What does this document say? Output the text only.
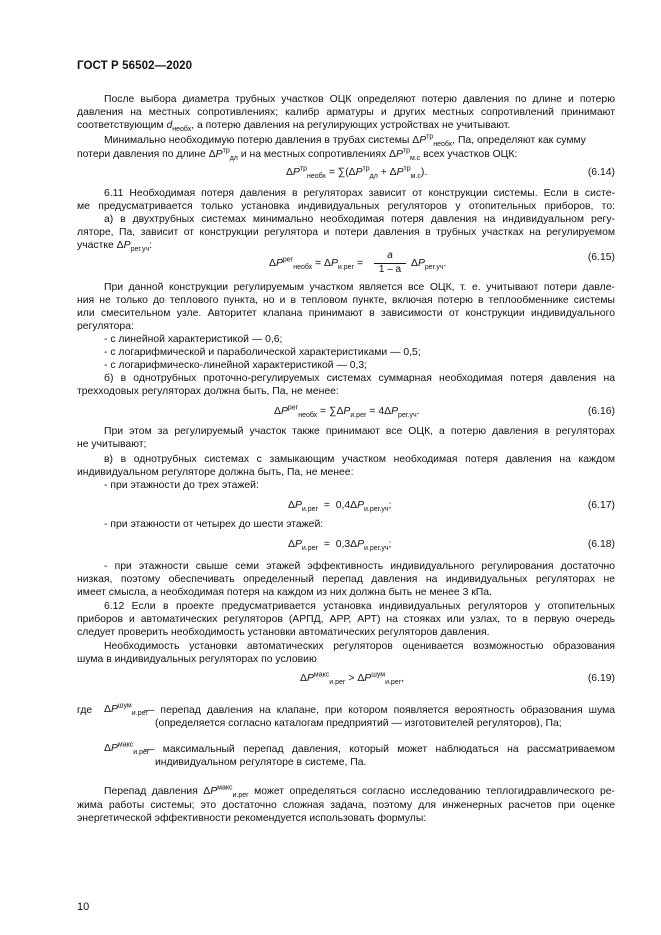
ГОСТ Р 56502—2020
После выбора диаметра трубных участков ОЦК определяют потерю давления по длине и потерю
давления на местных сопротивлениях; калибр арматуры и других местных сопротивлений принимают
соответствующим $d_{необх}$, а потерю давления на регулирующих устройствах не учитывают.
Минимально необходимую потерю давления в трубах системы $\Delta P^{тр}_{необх}$, Па, определяют как сумму
потери давления по длине $\Delta P^{тр}_{дл}$ и на местных сопротивлениях $\Delta P^{тр}_{м.с}$ всех участков ОЦК:
$\Delta P^{тр}_{необх} = \sum(\Delta P^{тр}_{дл} + \Delta P^{тр}_{м.с})$.	(6.14)
6.11 Необходимая потеря давления в регуляторах зависит от конструкции системы. Если в систе-
ме предусматривается только установка индивидуальных регуляторов у отопительных приборов, то:
а) в двухтрубных системах минимально необходимая потеря давления на индивидуальном регу-
ляторе, Па, зависит от конструкции регулятора и потери давления в трубных участках на регулируемом
участке $\Delta P_{рег.уч}$:
$\Delta P^{рег}_{необх} = \Delta P_{и.рег}$ =
a
1 – a
$\Delta P_{рег.уч}$.
(6.15)
При данной конструкции регулируемым участком является все ОЦК, т. е. учитывают потери давле-
ния не только до теплового пункта, но и в тепловом пункте, включая потерю в теплообменнике системы
или смесительном узле. Авторитет клапана принимают в зависимости от конструкции индивидуального
регулятора:
- с линейной характеристикой — 0,6;
- с логарифмической и параболической характеристиками — 0,5;
- с логарифмическо-линейной характеристикой — 0,3;
б) в однотрубных проточно-регулируемых системах суммарная необходимая потеря давления на
трехходовых регуляторах должна быть, Па, не менее:
$\Delta P^{рег}_{необх} = \sum\Delta P_{и.рег} = 4\Delta P_{рег.уч}$.	(6.16)
При этом за регулируемый участок также принимают все ОЦК, а потерю давления в регуляторах
не учитывают;
в) в однотрубных системах с замыкающим участком необходимая потеря давления на каждом
индивидуальном регуляторе должна быть, Па, не менее:
- при этажности до трех этажей:
$\Delta P_{и.рег} = 0,4\Delta P_{и.рег.уч}$;	(6.17)
- при этажности от четырех до шести этажей:
$\Delta P_{и.рег} = 0,3\Delta P_{и.рег.уч}$;	(6.18)
- при этажности свыше семи этажей эффективность индивидуального регулирования достаточно
низкая, поэтому обеспечивать определенный перепад давления на индивидуальных регуляторах не
имеет смысла, а необходимая потеря на каждом из них должна быть не менее 3 кПа.
6.12 Если в проекте предусматривается установка индивидуальных регуляторов у отопительных
приборов и автоматических регуляторов (АРПД, АРР, АРТ) на стояках или узлах, то в первую очередь
следует проверить необходимость установки автоматических регуляторов давления.
Необходимость установки автоматических регуляторов оценивается возможностью образования
шума в индивидуальных регуляторах по условию
$\Delta P^{макс}_{и.рег} > \Delta P^{шум}_{и.рег}$,	(6.19)
где $\Delta P^{шум}_{и.рег}$
— перепад давления на клапане, при котором появляется вероятность образования шума
(определяется согласно каталогам предприятий — изготовителей регуляторов), Па;
$\Delta P^{макс}_{и.рег}$
— максимальный перепад давления, который может наблюдаться на рассматриваемом
индивидуальном регуляторе в системе, Па.
Перепад давления $\Delta P^{макс}_{и.рег}$ может определяться согласно исследованию теплогидравлического ре-
жима работы системы; это достаточно сложная задача, поэтому для инженерных расчетов при оценке
энергетической эффективности рекомендуется использовать формулы:
10
